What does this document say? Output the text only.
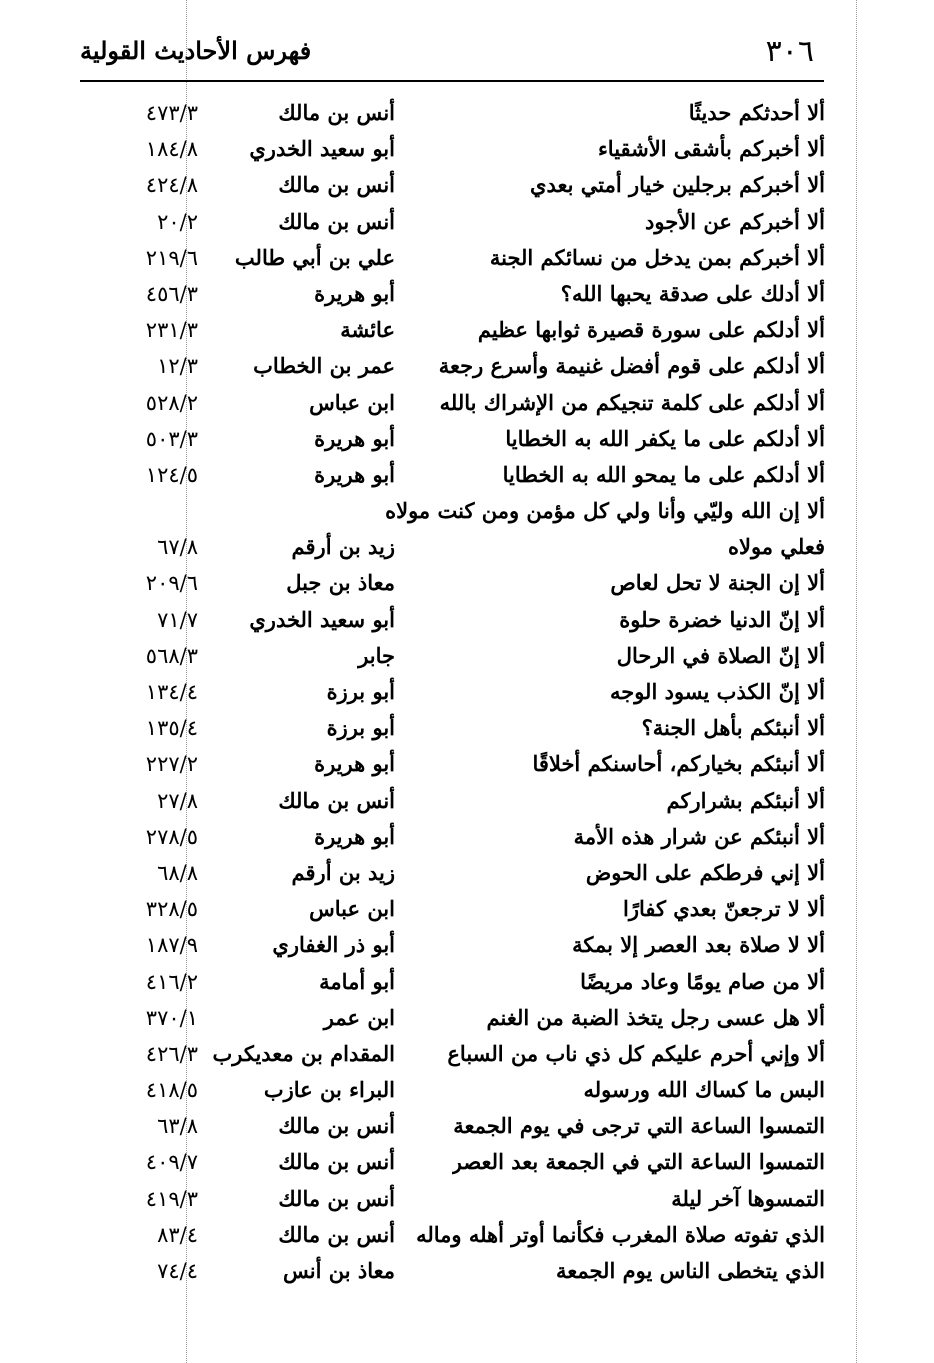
٣٠٦
فهرس الأحاديث القولية
ألا أحدثكم حديثًا
أنس بن مالك
٤٧٣/٣
ألا أخبركم بأشقى الأشقياء
أبو سعيد الخدري
١٨٤/٨
ألا أخبركم برجلين خيار أمتي بعدي
أنس بن مالك
٤٢٤/٨
ألا أخبركم عن الأجود
أنس بن مالك
٢٠/٢
ألا أخبركم بمن يدخل من نسائكم الجنة
علي بن أبي طالب
٢١٩/٦
ألا أدلك على صدقة يحبها الله؟
أبو هريرة
٤٥٦/٣
ألا أدلكم على سورة قصيرة ثوابها عظيم
عائشة
٢٣١/٣
ألا أدلكم على قوم أفضل غنيمة وأسرع رجعة
عمر بن الخطاب
١٢/٣
ألا أدلكم على كلمة تنجيكم من الإشراك بالله
ابن عباس
٥٢٨/٢
ألا أدلكم على ما يكفر الله به الخطايا
أبو هريرة
٥٠٣/٣
ألا أدلكم على ما يمحو الله به الخطايا
أبو هريرة
١٢٤/٥
ألا إن الله وليّي وأنا ولي كل مؤمن ومن كنت مولاه
فعلي مولاه
زيد بن أرقم
٦٧/٨
ألا إن الجنة لا تحل لعاص
معاذ بن جبل
٢٠٩/٦
ألا إنّ الدنيا خضرة حلوة
أبو سعيد الخدري
٧١/٧
ألا إنّ الصلاة في الرحال
جابر
٥٦٨/٣
ألا إنّ الكذب يسود الوجه
أبو برزة
١٣٤/٤
ألا أنبئكم بأهل الجنة؟
أبو برزة
١٣٥/٤
ألا أنبئكم بخياركم، أحاسنكم أخلاقًا
أبو هريرة
٢٢٧/٢
ألا أنبئكم بشراركم
أنس بن مالك
٢٧/٨
ألا أنبئكم عن شرار هذه الأمة
أبو هريرة
٢٧٨/٥
ألا إني فرطكم على الحوض
زيد بن أرقم
٦٨/٨
ألا لا ترجعنّ بعدي كفارًا
ابن عباس
٣٢٨/٥
ألا لا صلاة بعد العصر إلا بمكة
أبو ذر الغفاري
١٨٧/٩
ألا من صام يومًا وعاد مريضًا
أبو أمامة
٤١٦/٢
ألا هل عسى رجل يتخذ الضبة من الغنم
ابن عمر
٣٧٠/١
ألا وإني أحرم عليكم كل ذي ناب من السباع
المقدام بن معديكرب
٤٢٦/٣
البس ما كساك الله ورسوله
البراء بن عازب
٤١٨/٥
التمسوا الساعة التي ترجى في يوم الجمعة
أنس بن مالك
٦٣/٨
التمسوا الساعة التي في الجمعة بعد العصر
أنس بن مالك
٤٠٩/٧
التمسوها آخر ليلة
أنس بن مالك
٤١٩/٣
الذي تفوته صلاة المغرب فكأنما أوتر أهله وماله
أنس بن مالك
٨٣/٤
الذي يتخطى الناس يوم الجمعة
معاذ بن أنس
٧٤/٤
